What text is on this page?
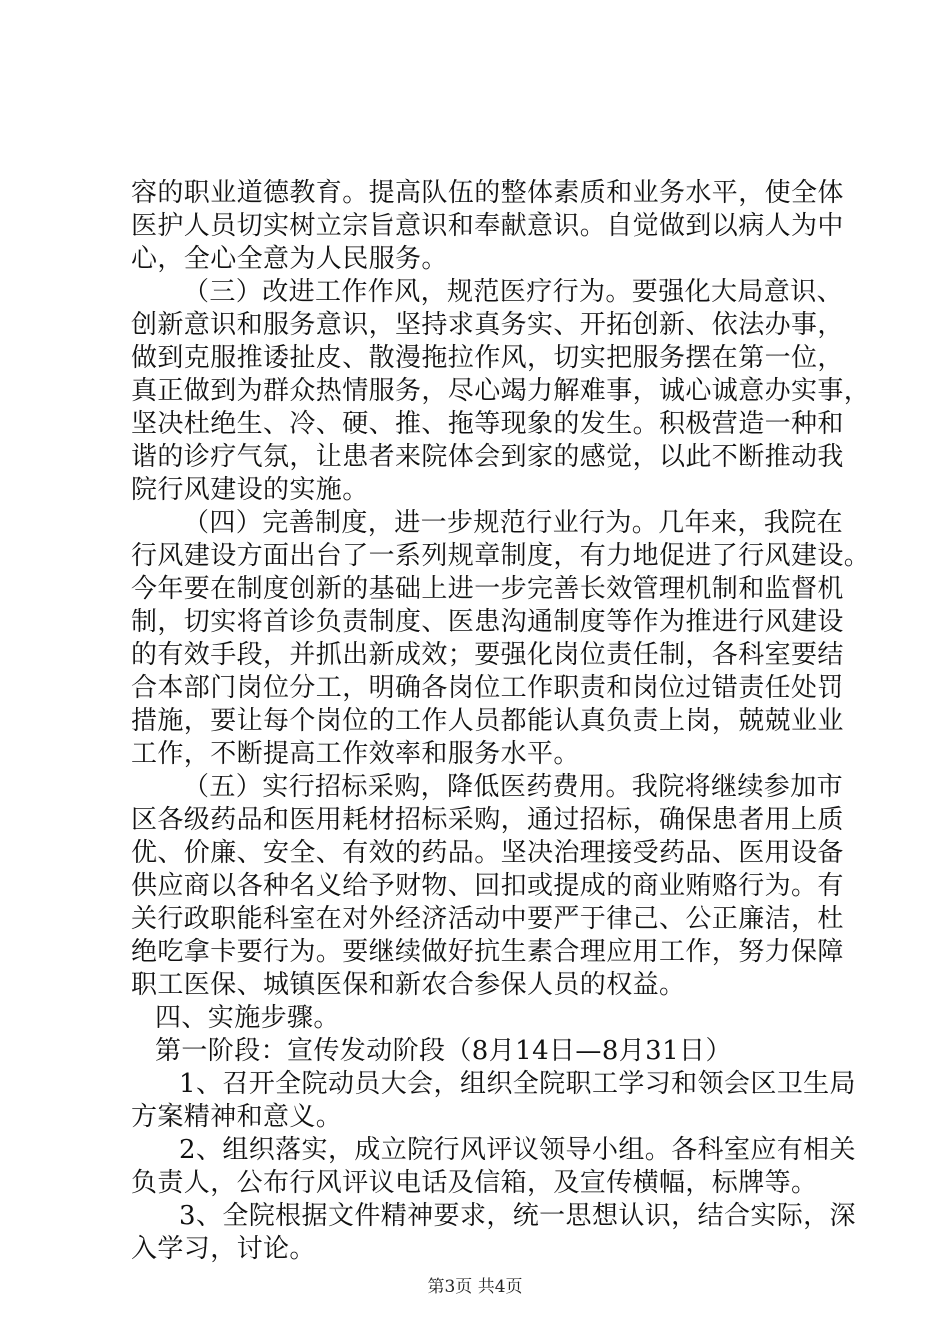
容的职业道德教育。提高队伍的整体素质和业务水平，使全体
医护人员切实树立宗旨意识和奉献意识。自觉做到以病人为中
心，全心全意为人民服务。
（三）改进工作作风，规范医疗行为。要强化大局意识、
创新意识和服务意识，坚持求真务实、开拓创新、依法办事，
做到克服推诿扯皮、散漫拖拉作风，切实把服务摆在第一位，
真正做到为群众热情服务，尽心竭力解难事，诚心诚意办实事，
坚决杜绝生、冷、硬、推、拖等现象的发生。积极营造一种和
谐的诊疗气氛，让患者来院体会到家的感觉，以此不断推动我
院行风建设的实施。
（四）完善制度，进一步规范行业行为。几年来，我院在
行风建设方面出台了一系列规章制度，有力地促进了行风建设。
今年要在制度创新的基础上进一步完善长效管理机制和监督机
制，切实将首诊负责制度、医患沟通制度等作为推进行风建设
的有效手段，并抓出新成效；要强化岗位责任制，各科室要结
合本部门岗位分工，明确各岗位工作职责和岗位过错责任处罚
措施，要让每个岗位的工作人员都能认真负责上岗，兢兢业业
工作，不断提高工作效率和服务水平。
（五）实行招标采购，降低医药费用。我院将继续参加市
区各级药品和医用耗材招标采购，通过招标，确保患者用上质
优、价廉、安全、有效的药品。坚决治理接受药品、医用设备
供应商以各种名义给予财物、回扣或提成的商业贿赂行为。有
关行政职能科室在对外经济活动中要严于律己、公正廉洁，杜
绝吃拿卡要行为。要继续做好抗生素合理应用工作，努力保障
职工医保、城镇医保和新农合参保人员的权益。
四、实施步骤。
第一阶段：宣传发动阶段（8月14日—8月31日）
1、召开全院动员大会，组织全院职工学习和领会区卫生局
方案精神和意义。
2、组织落实，成立院行风评议领导小组。各科室应有相关
负责人，公布行风评议电话及信箱，及宣传横幅，标牌等。
3、全院根据文件精神要求，统一思想认识，结合实际，深
入学习，讨论。
第3页 共4页
